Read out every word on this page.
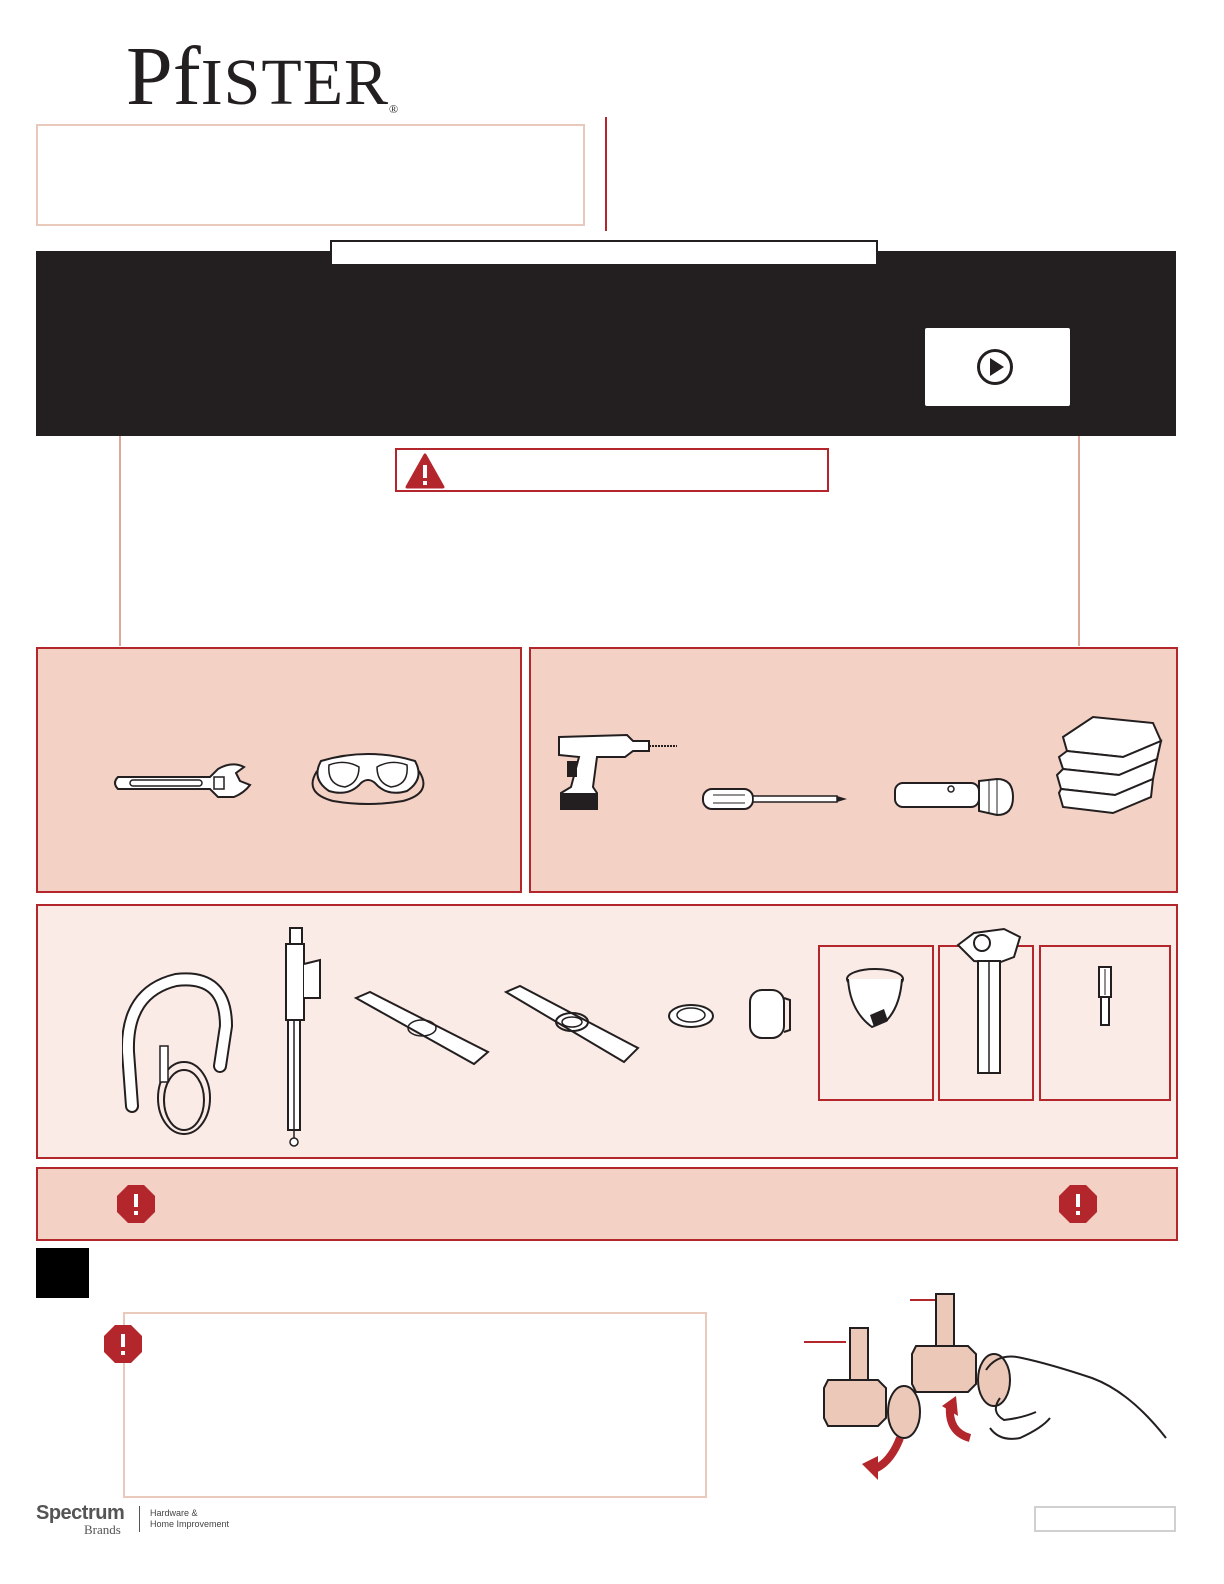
PfISTER®
Spectrum
Brands
Hardware &
Home Improvement
